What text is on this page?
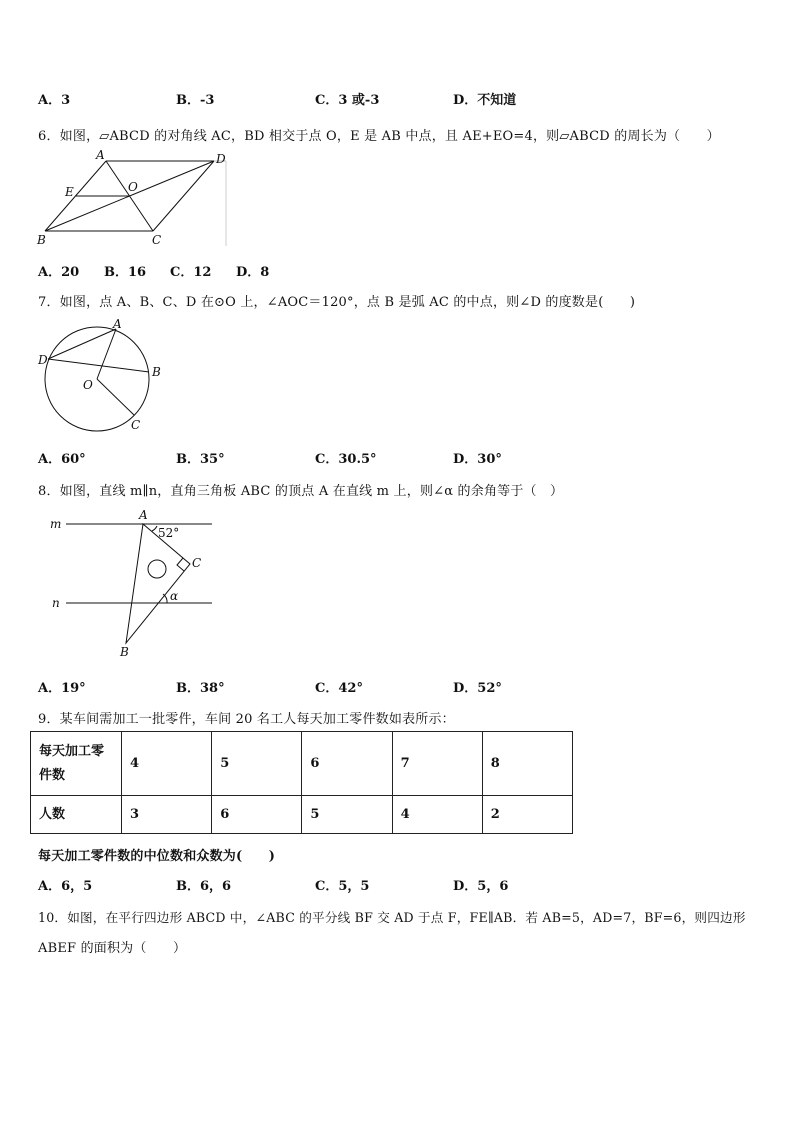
A．3	B．-3	C．3 或-3	D．不知道
6．如图，▱ABCD 的对角线 AC，BD 相交于点 O，E 是 AB 中点，且 AE+EO=4，则▱ABCD 的周长为（　　）
A	D
E	O
B	C
A．20 B．16 C．12 D．8
7．如图，点 A、B、C、D 在⊙O 上，∠AOC＝120°，点 B 是弧 AC 的中点，则∠D 的度数是(　　)
A
D
B
O
C
A．60°	B．35°	C．30.5°	D．30°
8．如图，直线 m∥n，直角三角板 ABC 的顶点 A 在直线 m 上，则∠α 的余角等于（　）
m
n
A
52°
C
α
B
A．19°	B．38°	C．42°	D．52°
9．某车间需加工一批零件，车间 20 名工人每天加工零件数如表所示：
每天加工零
件数	4	5	6	7	8
人数	3	6	5	4	2
每天加工零件数的中位数和众数为(　　)
A．6，5	B．6，6	C．5，5	D．5，6
10．如图，在平行四边形 ABCD 中，∠ABC 的平分线 BF 交 AD 于点 F，FE∥AB．若 AB=5，AD=7，BF=6，则四边形
ABEF 的面积为（　　）
